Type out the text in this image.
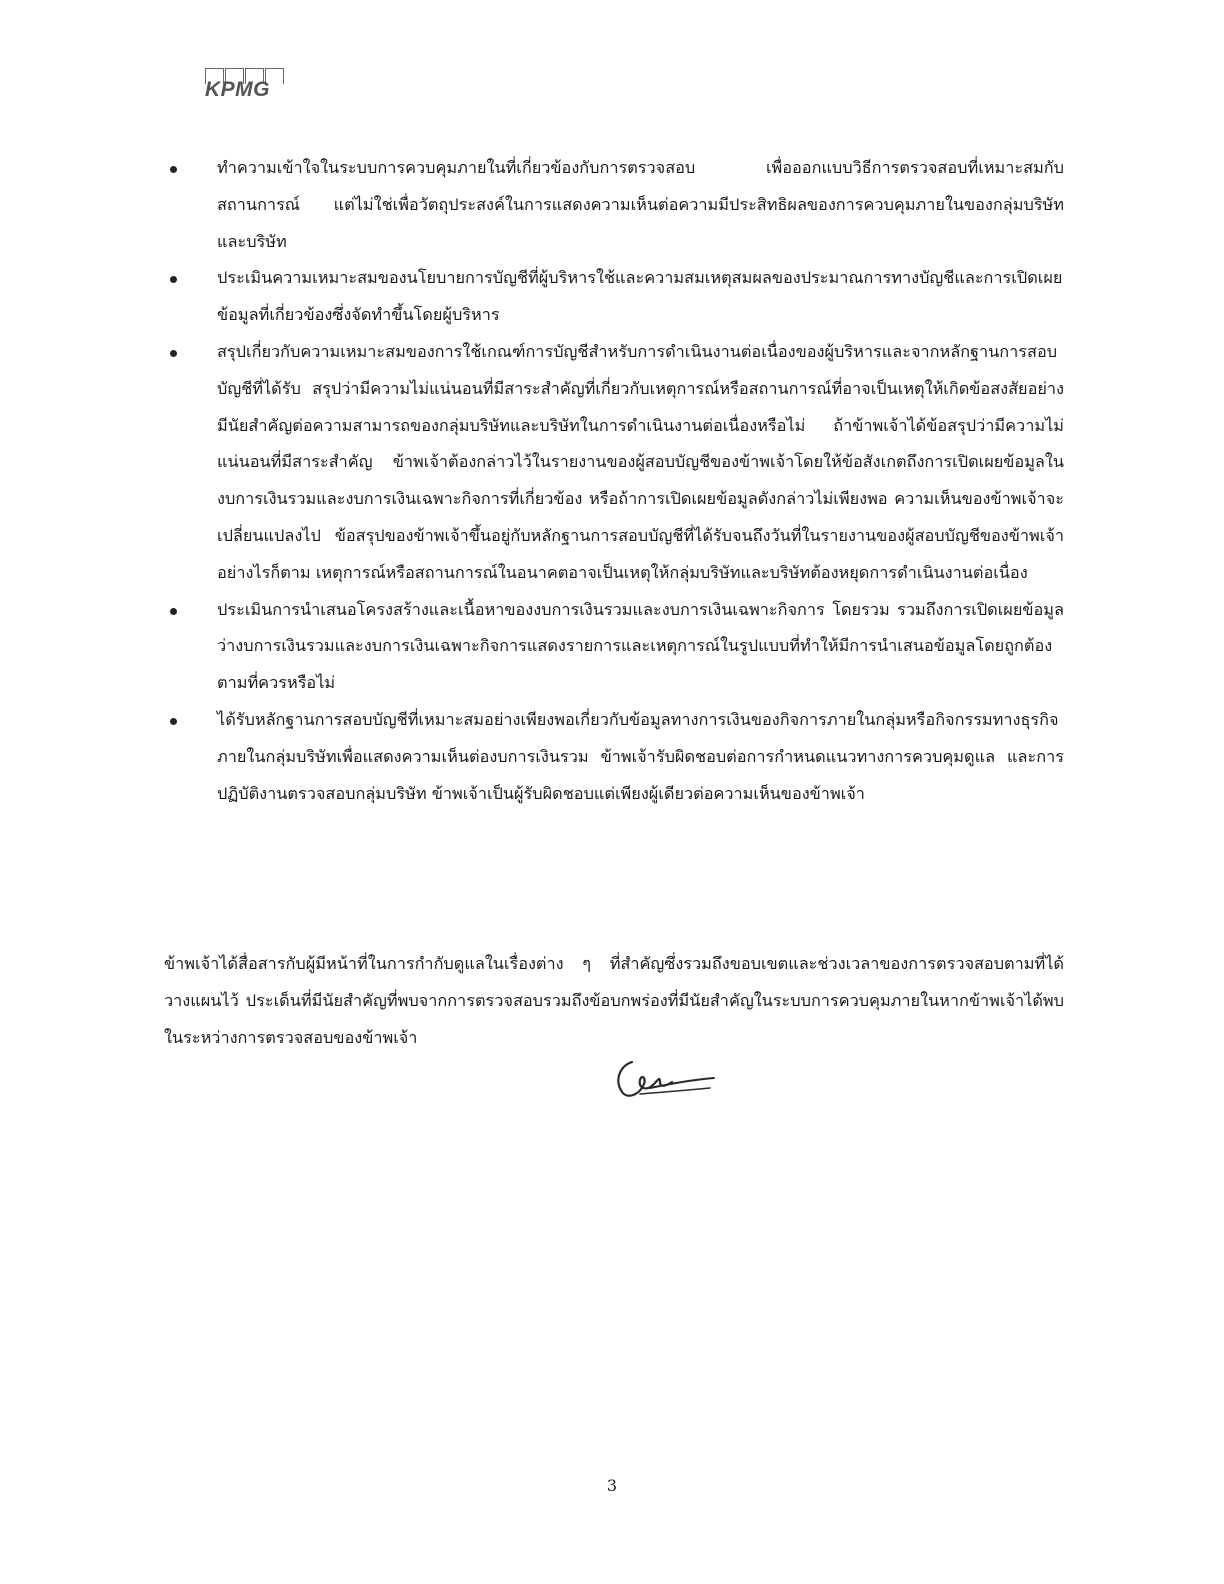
KPMG
ทำความเข้าใจในระบบการควบคุมภายในที่เกี่ยวข้องกับการตรวจสอบ เพื่อออกแบบวิธีการตรวจสอบที่เหมาะสมกับสถานการณ์ แต่ไม่ใช่เพื่อวัตถุประสงค์ในการแสดงความเห็นต่อความมีประสิทธิผลของการควบคุมภายในของกลุ่มบริษัทและบริษัท
ประเมินความเหมาะสมของนโยบายการบัญชีที่ผู้บริหารใช้และความสมเหตุสมผลของประมาณการทางบัญชีและการเปิดเผยข้อมูลที่เกี่ยวข้องซึ่งจัดทำขึ้นโดยผู้บริหาร
สรุปเกี่ยวกับความเหมาะสมของการใช้เกณฑ์การบัญชีสำหรับการดำเนินงานต่อเนื่องของผู้บริหารและจากหลักฐานการสอบบัญชีที่ได้รับ สรุปว่ามีความไม่แน่นอนที่มีสาระสำคัญที่เกี่ยวกับเหตุการณ์หรือสถานการณ์ที่อาจเป็นเหตุให้เกิดข้อสงสัยอย่างมีนัยสำคัญต่อความสามารถของกลุ่มบริษัทและบริษัทในการดำเนินงานต่อเนื่องหรือไม่ ถ้าข้าพเจ้าได้ข้อสรุปว่ามีความไม่แน่นอนที่มีสาระสำคัญ ข้าพเจ้าต้องกล่าวไว้ในรายงานของผู้สอบบัญชีของข้าพเจ้าโดยให้ข้อสังเกตถึงการเปิดเผยข้อมูลในงบการเงินรวมและงบการเงินเฉพาะกิจการที่เกี่ยวข้อง หรือถ้าการเปิดเผยข้อมูลดังกล่าวไม่เพียงพอ ความเห็นของข้าพเจ้าจะเปลี่ยนแปลงไป ข้อสรุปของข้าพเจ้าขึ้นอยู่กับหลักฐานการสอบบัญชีที่ได้รับจนถึงวันที่ในรายงานของผู้สอบบัญชีของข้าพเจ้า อย่างไรก็ตาม เหตุการณ์หรือสถานการณ์ในอนาคตอาจเป็นเหตุให้กลุ่มบริษัทและบริษัทต้องหยุดการดำเนินงานต่อเนื่อง
ประเมินการนำเสนอโครงสร้างและเนื้อหาของงบการเงินรวมและงบการเงินเฉพาะกิจการ โดยรวม รวมถึงการเปิดเผยข้อมูลว่างบการเงินรวมและงบการเงินเฉพาะกิจการแสดงรายการและเหตุการณ์ในรูปแบบที่ทำให้มีการนำเสนอข้อมูลโดยถูกต้องตามที่ควรหรือไม่
ได้รับหลักฐานการสอบบัญชีที่เหมาะสมอย่างเพียงพอเกี่ยวกับข้อมูลทางการเงินของกิจการภายในกลุ่มหรือกิจกรรมทางธุรกิจภายในกลุ่มบริษัทเพื่อแสดงความเห็นต่องบการเงินรวม ข้าพเจ้ารับผิดชอบต่อการกำหนดแนวทางการควบคุมดูแล และการปฏิบัติงานตรวจสอบกลุ่มบริษัท ข้าพเจ้าเป็นผู้รับผิดชอบแต่เพียงผู้เดียวต่อความเห็นของข้าพเจ้า

ข้าพเจ้าได้สื่อสารกับผู้มีหน้าที่ในการกำกับดูแลในเรื่องต่าง ๆ ที่สำคัญซึ่งรวมถึงขอบเขตและช่วงเวลาของการตรวจสอบตามที่ได้วางแผนไว้ ประเด็นที่มีนัยสำคัญที่พบจากการตรวจสอบรวมถึงข้อบกพร่องที่มีนัยสำคัญในระบบการควบคุมภายในหากข้าพเจ้าได้พบในระหว่างการตรวจสอบของข้าพเจ้า

3
